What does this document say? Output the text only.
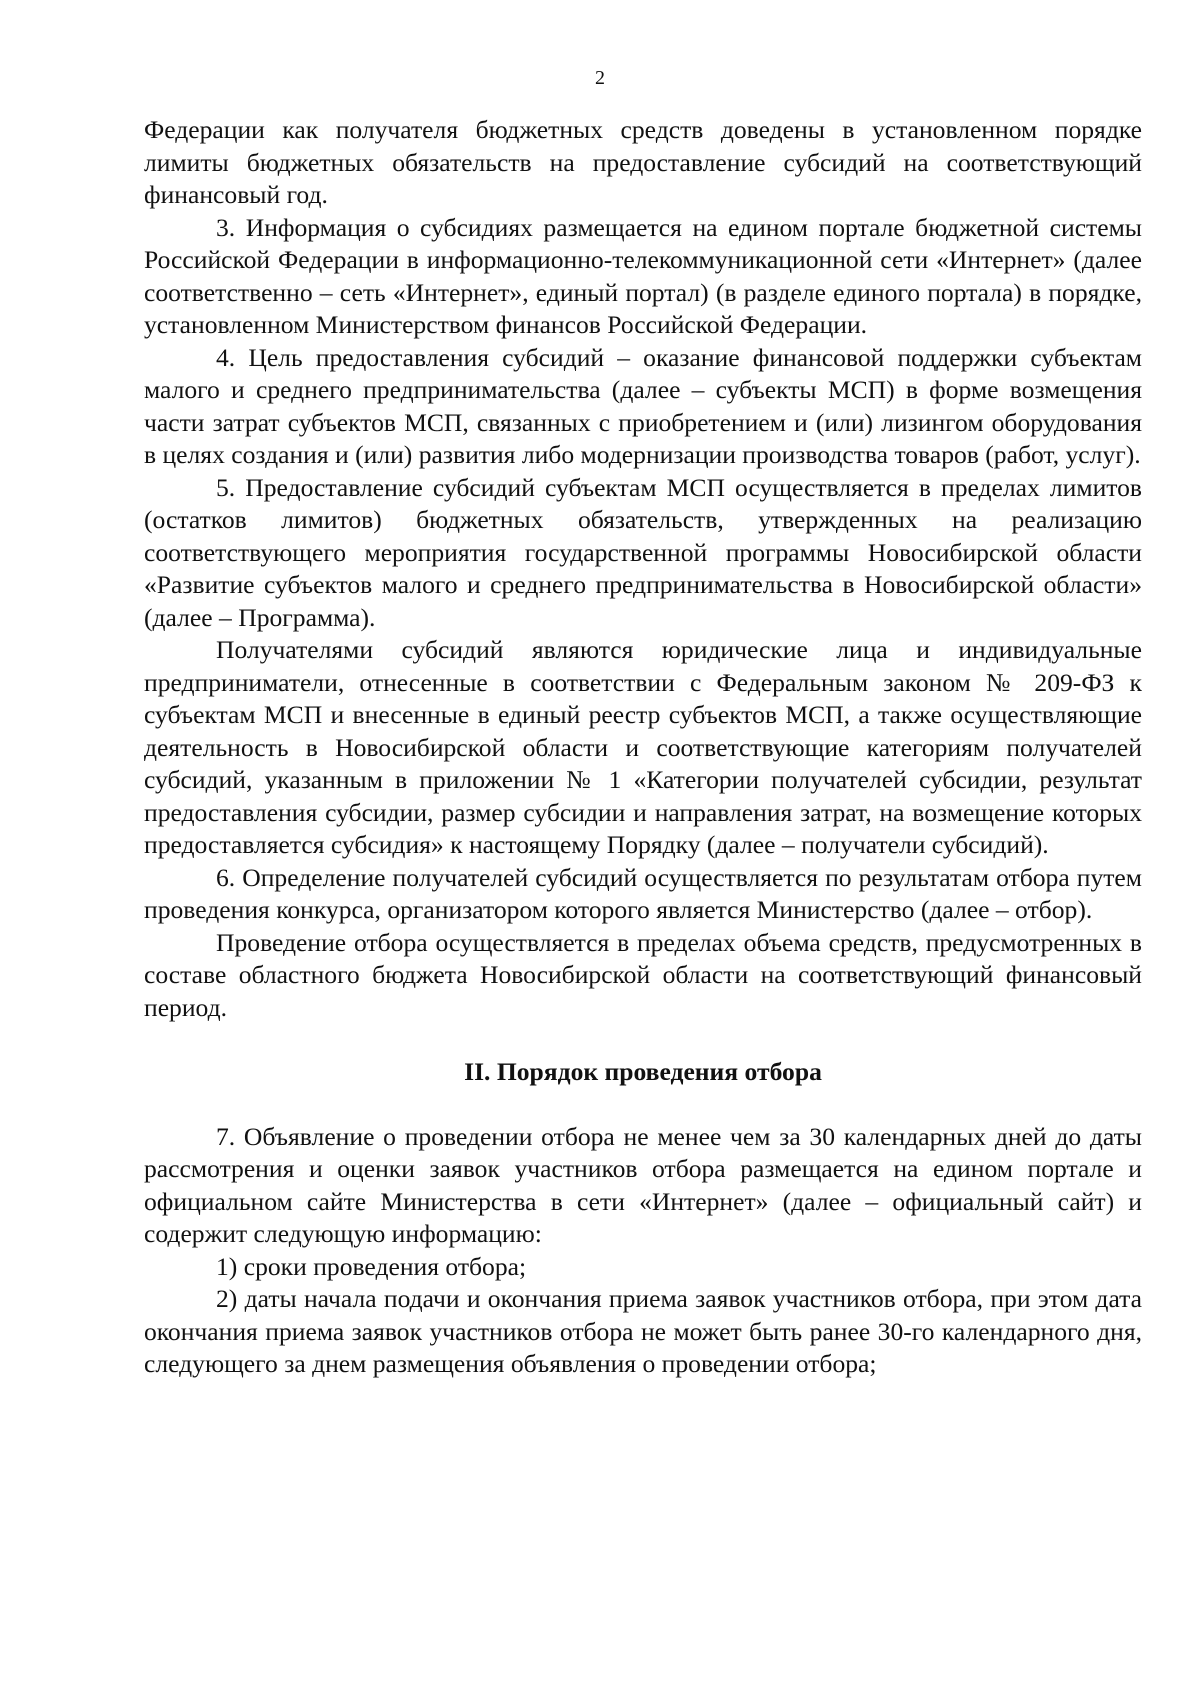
2

Федерации как получателя бюджетных средств доведены в установленном порядке лимиты бюджетных обязательств на предоставление субсидий на соответствующий финансовый год.

3. Информация о субсидиях размещается на едином портале бюджетной системы Российской Федерации в информационно-телекоммуникационной сети «Интернет» (далее соответственно – сеть «Интернет», единый портал) (в разделе единого портала) в порядке, установленном Министерством финансов Российской Федерации.

4. Цель предоставления субсидий – оказание финансовой поддержки субъектам малого и среднего предпринимательства (далее – субъекты МСП) в форме возмещения части затрат субъектов МСП, связанных с приобретением и (или) лизингом оборудования в целях создания и (или) развития либо модернизации производства товаров (работ, услуг).

5. Предоставление субсидий субъектам МСП осуществляется в пределах лимитов (остатков лимитов) бюджетных обязательств, утвержденных на реализацию соответствующего мероприятия государственной программы Новосибирской области «Развитие субъектов малого и среднего предпринимательства в Новосибирской области» (далее – Программа).

Получателями субсидий являются юридические лица и индивидуальные предприниматели, отнесенные в соответствии с Федеральным законом № 209-ФЗ к субъектам МСП и внесенные в единый реестр субъектов МСП, а также осуществляющие деятельность в Новосибирской области и соответствующие категориям получателей субсидий, указанным в приложении № 1 «Категории получателей субсидии, результат предоставления субсидии, размер субсидии и направления затрат, на возмещение которых предоставляется субсидия» к настоящему Порядку (далее – получатели субсидий).

6. Определение получателей субсидий осуществляется по результатам отбора путем проведения конкурса, организатором которого является Министерство (далее – отбор).

Проведение отбора осуществляется в пределах объема средств, предусмотренных в составе областного бюджета Новосибирской области на соответствующий финансовый период.

II. Порядок проведения отбора

7. Объявление о проведении отбора не менее чем за 30 календарных дней до даты рассмотрения и оценки заявок участников отбора размещается на едином портале и официальном сайте Министерства в сети «Интернет» (далее – официальный сайт) и содержит следующую информацию:

1) сроки проведения отбора;

2) даты начала подачи и окончания приема заявок участников отбора, при этом дата окончания приема заявок участников отбора не может быть ранее 30-го календарного дня, следующего за днем размещения объявления о проведении отбора;
